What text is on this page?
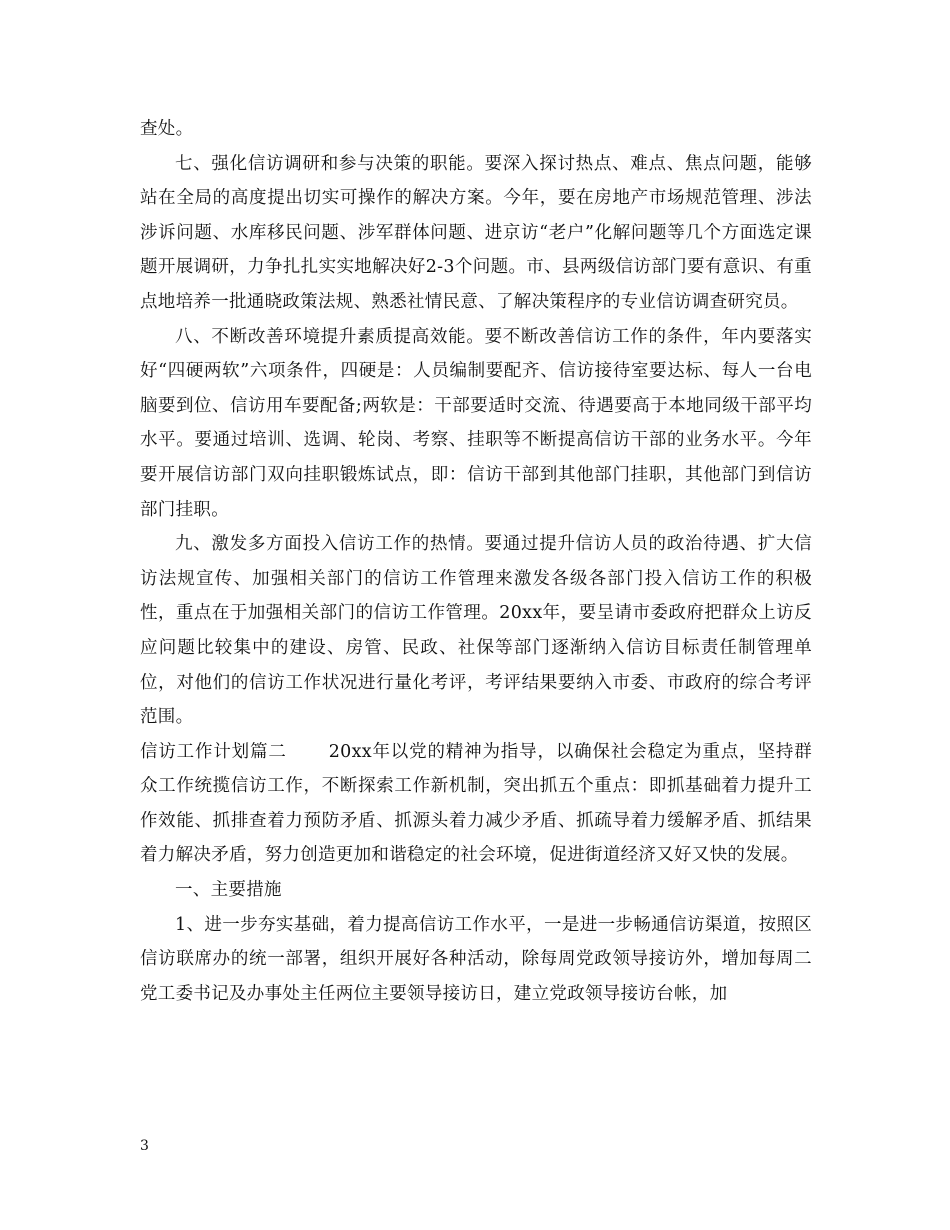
查处。

七、强化信访调研和参与决策的职能。要深入探讨热点、难点、焦点问题，能够站在全局的高度提出切实可操作的解决方案。今年，要在房地产市场规范管理、涉法涉诉问题、水库移民问题、涉军群体问题、进京访“老户”化解问题等几个方面选定课题开展调研，力争扎扎实实地解决好2-3个问题。市、县两级信访部门要有意识、有重点地培养一批通晓政策法规、熟悉社情民意、了解决策程序的专业信访调查研究员。

八、不断改善环境提升素质提高效能。要不断改善信访工作的条件，年内要落实好“四硬两软”六项条件，四硬是：人员编制要配齐、信访接待室要达标、每人一台电脑要到位、信访用车要配备;两软是：干部要适时交流、待遇要高于本地同级干部平均水平。要通过培训、选调、轮岗、考察、挂职等不断提高信访干部的业务水平。今年要开展信访部门双向挂职锻炼试点，即：信访干部到其他部门挂职，其他部门到信访部门挂职。

九、激发多方面投入信访工作的热情。要通过提升信访人员的政治待遇、扩大信访法规宣传、加强相关部门的信访工作管理来激发各级各部门投入信访工作的积极性，重点在于加强相关部门的信访工作管理。20xx年，要呈请市委政府把群众上访反应问题比较集中的建设、房管、民政、社保等部门逐渐纳入信访目标责任制管理单位，对他们的信访工作状况进行量化考评，考评结果要纳入市委、市政府的综合考评范围。

信访工作计划篇二 20xx年以党的精神为指导，以确保社会稳定为重点，坚持群众工作统揽信访工作，不断探索工作新机制，突出抓五个重点：即抓基础着力提升工作效能、抓排查着力预防矛盾、抓源头着力减少矛盾、抓疏导着力缓解矛盾、抓结果着力解决矛盾，努力创造更加和谐稳定的社会环境，促进街道经济又好又快的发展。

一、主要措施

1、进一步夯实基础，着力提高信访工作水平，一是进一步畅通信访渠道，按照区信访联席办的统一部署，组织开展好各种活动，除每周党政领导接访外，增加每周二党工委书记及办事处主任两位主要领导接访日，建立党政领导接访台帐，加

3
